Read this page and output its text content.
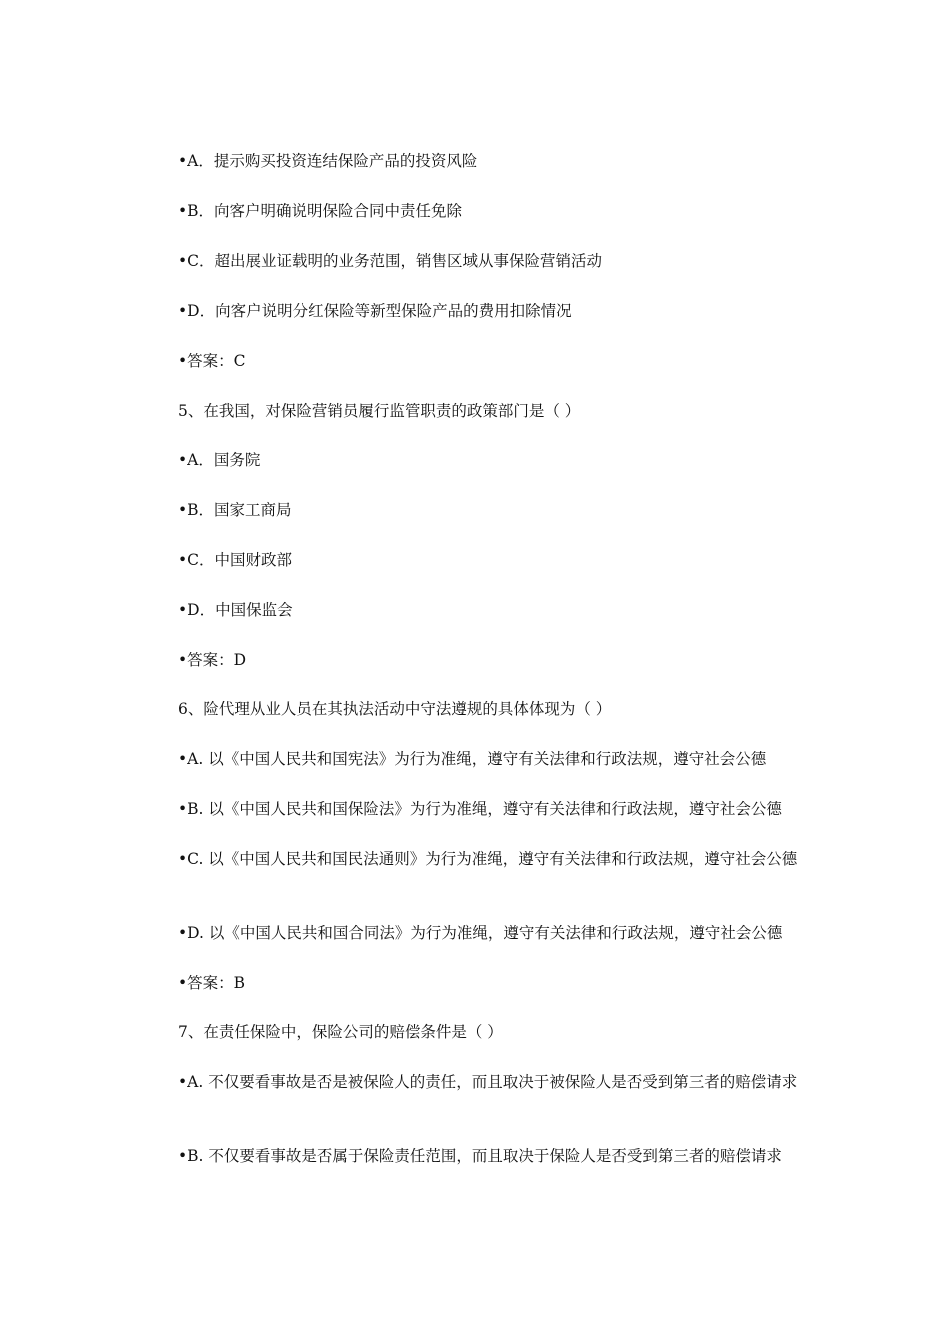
•A．提示购买投资连结保险产品的投资风险
•B．向客户明确说明保险合同中责任免除
•C．超出展业证载明的业务范围，销售区域从事保险营销活动
•D．向客户说明分红保险等新型保险产品的费用扣除情况
•答案：C
5、在我国，对保险营销员履行监管职责的政策部门是（ ）
•A．国务院
•B．国家工商局
•C．中国财政部
•D．中国保监会
•答案：D
6、险代理从业人员在其执法活动中守法遵规的具体体现为（ ）
•A. 以《中国人民共和国宪法》为行为准绳，遵守有关法律和行政法规，遵守社会公德
•B. 以《中国人民共和国保险法》为行为准绳，遵守有关法律和行政法规，遵守社会公德
•C. 以《中国人民共和国民法通则》为行为准绳，遵守有关法律和行政法规，遵守社会公德
•D. 以《中国人民共和国合同法》为行为准绳，遵守有关法律和行政法规，遵守社会公德
•答案：B
7、在责任保险中，保险公司的赔偿条件是（ ）
•A. 不仅要看事故是否是被保险人的责任，而且取决于被保险人是否受到第三者的赔偿请求
•B. 不仅要看事故是否属于保险责任范围，而且取决于保险人是否受到第三者的赔偿请求
